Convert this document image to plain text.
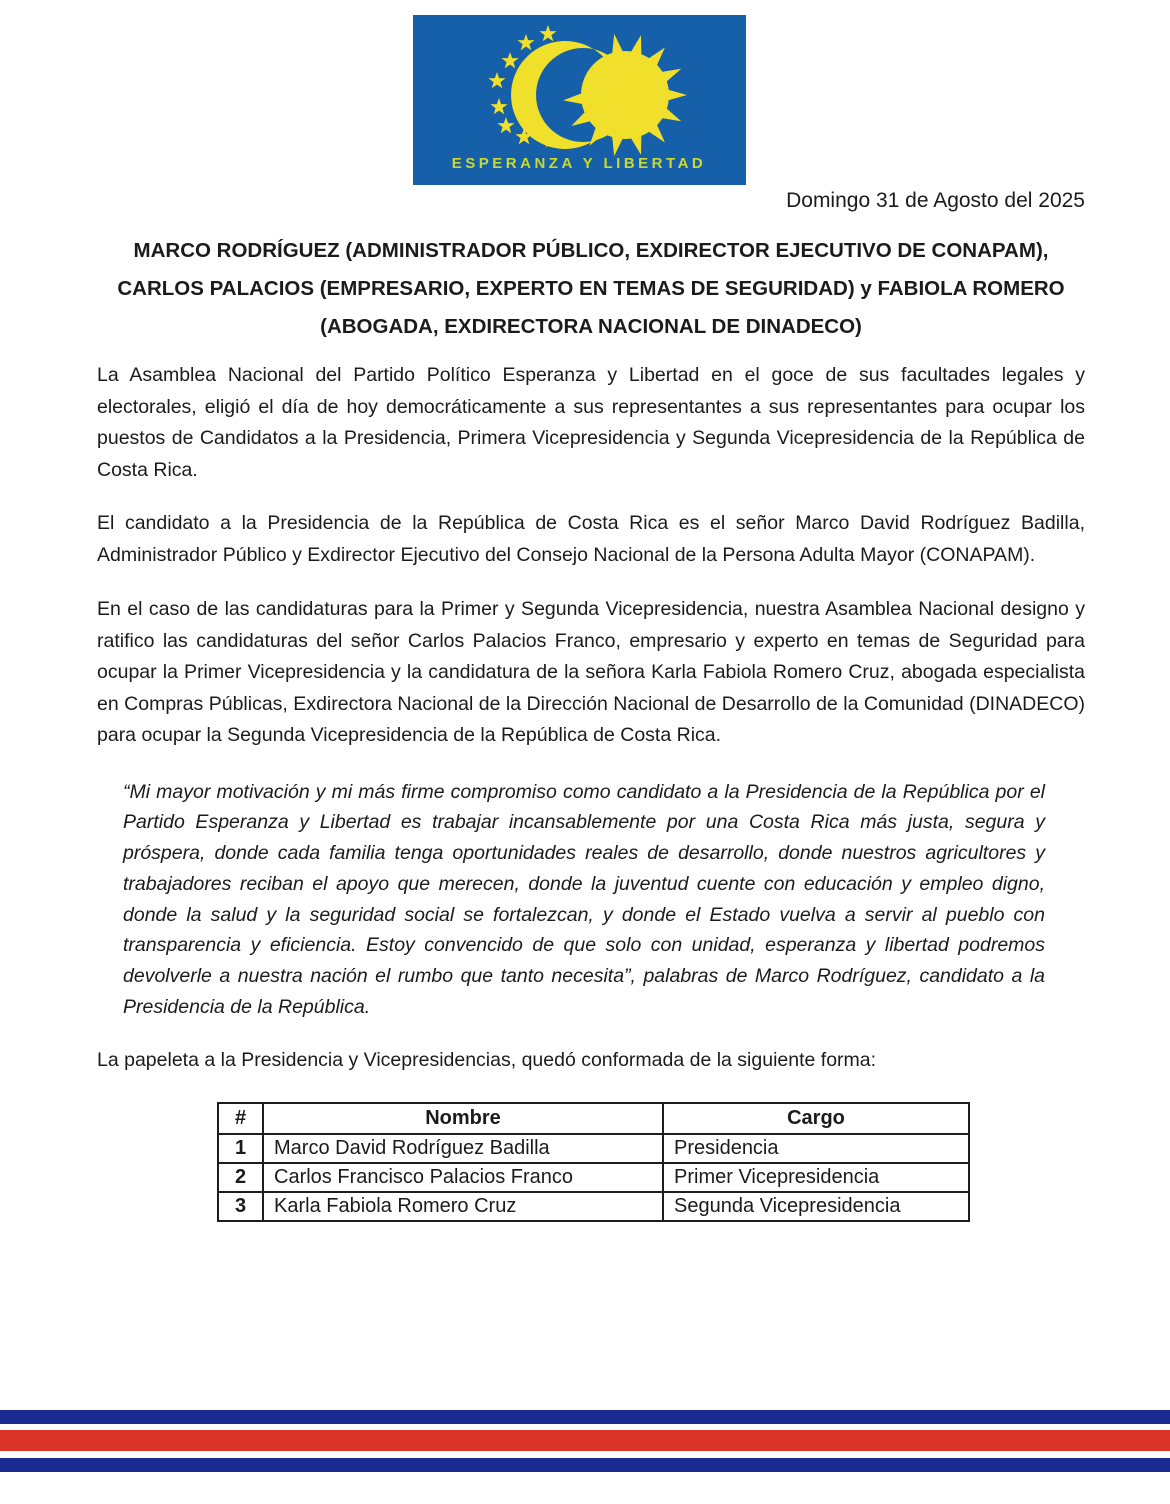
ESPERANZA Y LIBERTAD
Domingo 31 de Agosto del 2025
MARCO RODRÍGUEZ (ADMINISTRADOR PÚBLICO, EXDIRECTOR EJECUTIVO DE CONAPAM), CARLOS PALACIOS (EMPRESARIO, EXPERTO EN TEMAS DE SEGURIDAD) y FABIOLA ROMERO (ABOGADA, EXDIRECTORA NACIONAL DE DINADECO)

La Asamblea Nacional del Partido Político Esperanza y Libertad en el goce de sus facultades legales y electorales, eligió el día de hoy democráticamente a sus representantes a sus representantes para ocupar los puestos de Candidatos a la Presidencia, Primera Vicepresidencia y Segunda Vicepresidencia de la República de Costa Rica.

El candidato a la Presidencia de la República de Costa Rica es el señor Marco David Rodríguez Badilla, Administrador Público y Exdirector Ejecutivo del Consejo Nacional de la Persona Adulta Mayor (CONAPAM).

En el caso de las candidaturas para la Primer y Segunda Vicepresidencia, nuestra Asamblea Nacional designo y ratifico las candidaturas del señor Carlos Palacios Franco, empresario y experto en temas de Seguridad para ocupar la Primer Vicepresidencia y la candidatura de la señora Karla Fabiola Romero Cruz, abogada especialista en Compras Públicas, Exdirectora Nacional de la Dirección Nacional de Desarrollo de la Comunidad (DINADECO) para ocupar la Segunda Vicepresidencia de la República de Costa Rica.

“Mi mayor motivación y mi más firme compromiso como candidato a la Presidencia de la República por el Partido Esperanza y Libertad es trabajar incansablemente por una Costa Rica más justa, segura y próspera, donde cada familia tenga oportunidades reales de desarrollo, donde nuestros agricultores y trabajadores reciban el apoyo que merecen, donde la juventud cuente con educación y empleo digno, donde la salud y la seguridad social se fortalezcan, y donde el Estado vuelva a servir al pueblo con transparencia y eficiencia. Estoy convencido de que solo con unidad, esperanza y libertad podremos devolverle a nuestra nación el rumbo que tanto necesita”, palabras de Marco Rodríguez, candidato a la Presidencia de la República.

La papeleta a la Presidencia y Vicepresidencias, quedó conformada de la siguiente forma:

#	Nombre	Cargo
1	Marco David Rodríguez Badilla	Presidencia
2	Carlos Francisco Palacios Franco	Primer Vicepresidencia
3	Karla Fabiola Romero Cruz	Segunda Vicepresidencia
